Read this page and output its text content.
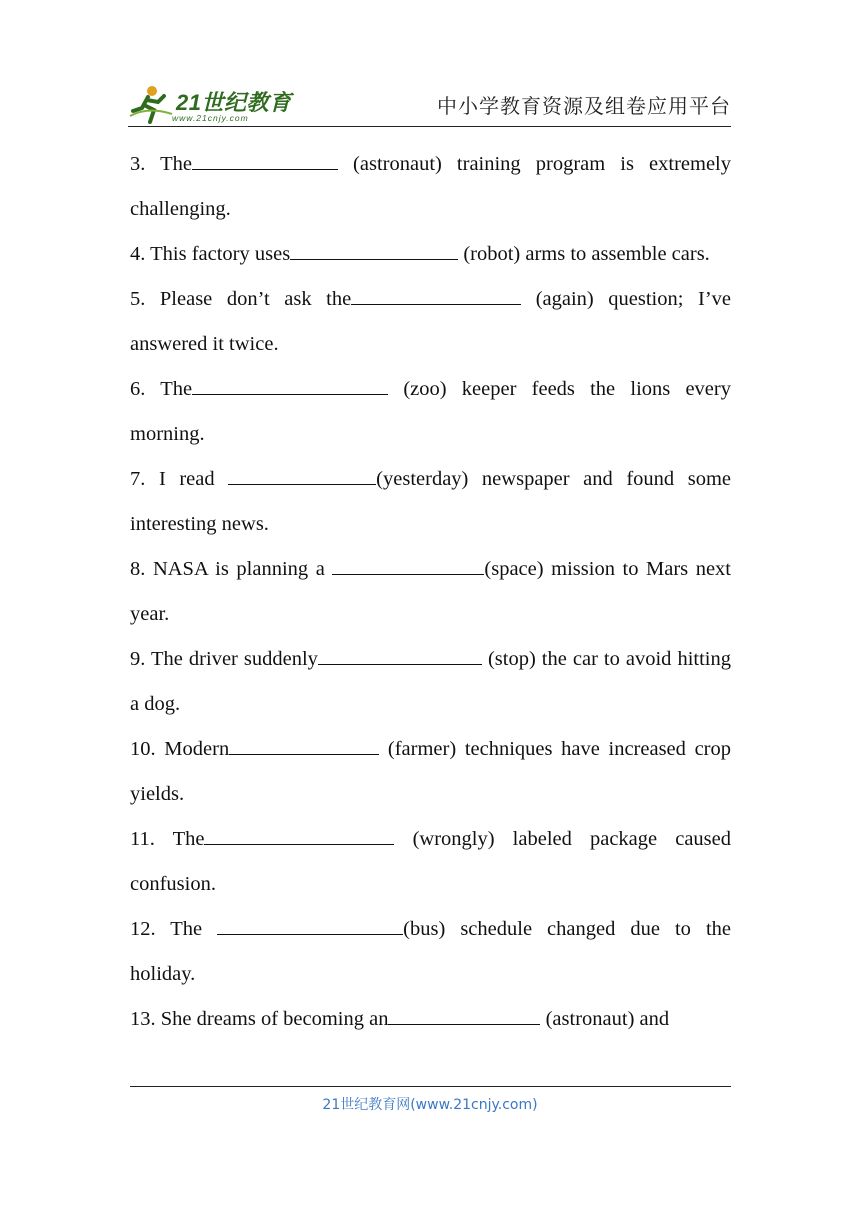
21世纪教育
www.21cnjy.com	中小学教育资源及组卷应用平台
3. The	(astronaut) training program is extremely challenging.
4. This factory uses	(robot) arms to assemble cars.
5. Please don’t ask the	(again) question; I’ve answered it twice.
6. The	(zoo) keeper feeds the lions every morning.
7. I read	(yesterday) newspaper and found some interesting news.
8. NASA is planning a	(space) mission to Mars next year.
9. The driver suddenly	(stop) the car to avoid hitting a dog.
10. Modern	(farmer) techniques have increased crop yields.
11. The	(wrongly) labeled package caused confusion.
12. The	(bus) schedule changed due to the holiday.
13. She dreams of becoming an	(astronaut) and
21世纪教育网(www.21cnjy.com)
